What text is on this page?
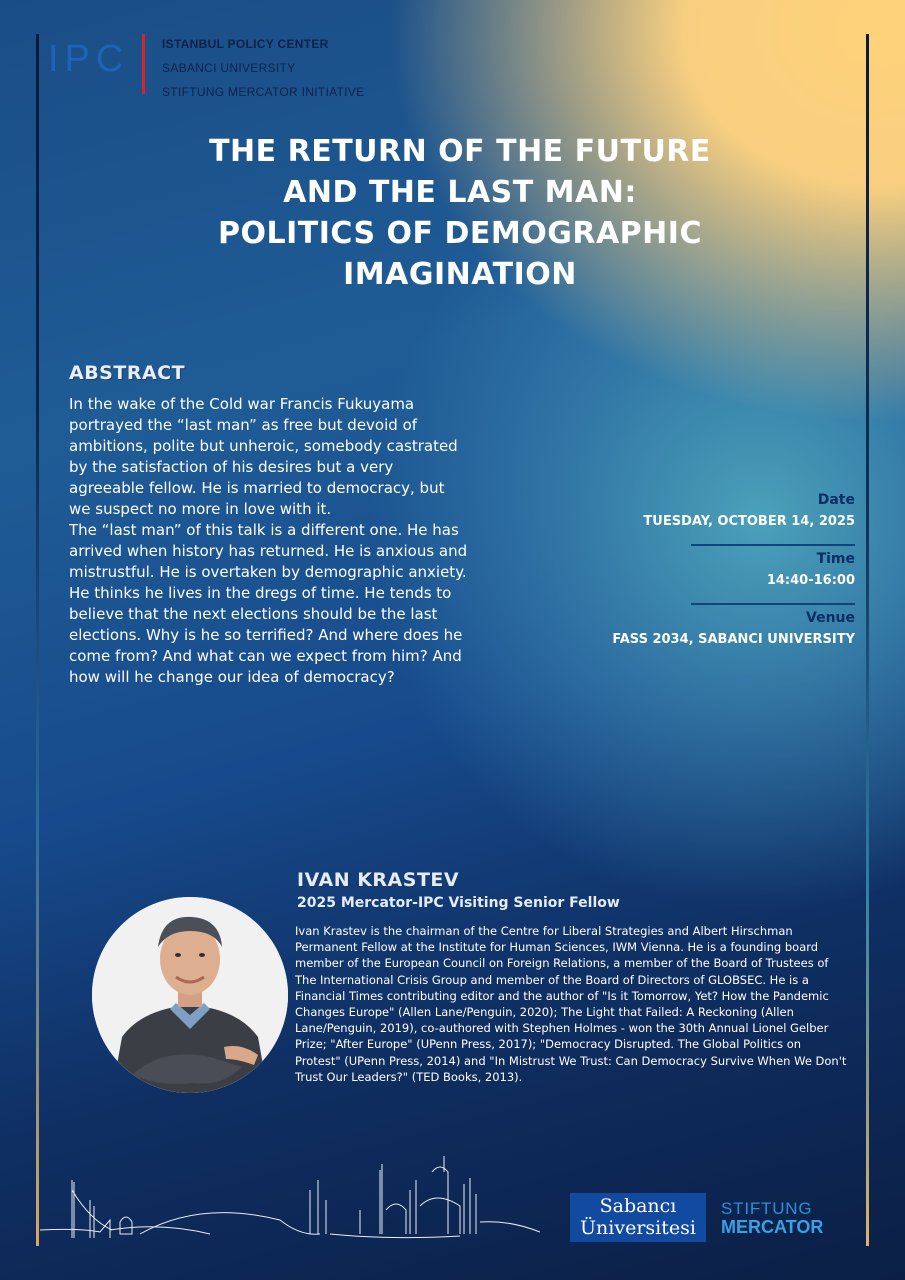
IPC	ISTANBUL POLICY CENTER
SABANCI UNIVERSITY
STIFTUNG MERCATOR INITIATIVE
THE RETURN OF THE FUTURE
AND THE LAST MAN:
POLITICS OF DEMOGRAPHIC
IMAGINATION
ABSTRACT
In the wake of the Cold war Francis Fukuyama portrayed the “last man” as free but devoid of ambitions, polite but unheroic, somebody castrated by the satisfaction of his desires but a very agreeable fellow. He is married to democracy, but we suspect no more in love with it.
The “last man” of this talk is a different one. He has arrived when history has returned. He is anxious and mistrustful. He is overtaken by demographic anxiety. He thinks he lives in the dregs of time. He tends to believe that the next elections should be the last elections. Why is he so terrified? And where does he come from? And what can we expect from him? And how will he change our idea of democracy?
Date
TUESDAY, OCTOBER 14, 2025
Time
14:40-16:00
Venue
FASS 2034, SABANCI UNIVERSITY
IVAN KRASTEV
2025 Mercator-IPC Visiting Senior Fellow
Ivan Krastev is the chairman of the Centre for Liberal Strategies and Albert Hirschman Permanent Fellow at the Institute for Human Sciences, IWM Vienna. He is a founding board member of the European Council on Foreign Relations, a member of the Board of Trustees of The International Crisis Group and member of the Board of Directors of GLOBSEC. He is a Financial Times contributing editor and the author of "Is it Tomorrow, Yet? How the Pandemic Changes Europe" (Allen Lane/Penguin, 2020); The Light that Failed: A Reckoning (Allen Lane/Penguin, 2019), co-authored with Stephen Holmes - won the 30th Annual Lionel Gelber Prize; "After Europe" (UPenn Press, 2017); "Democracy Disrupted. The Global Politics on Protest" (UPenn Press, 2014) and "In Mistrust We Trust: Can Democracy Survive When We Don't Trust Our Leaders?" (TED Books, 2013).
Sabancı
Üniversitesi
STIFTUNG
MERCATOR
